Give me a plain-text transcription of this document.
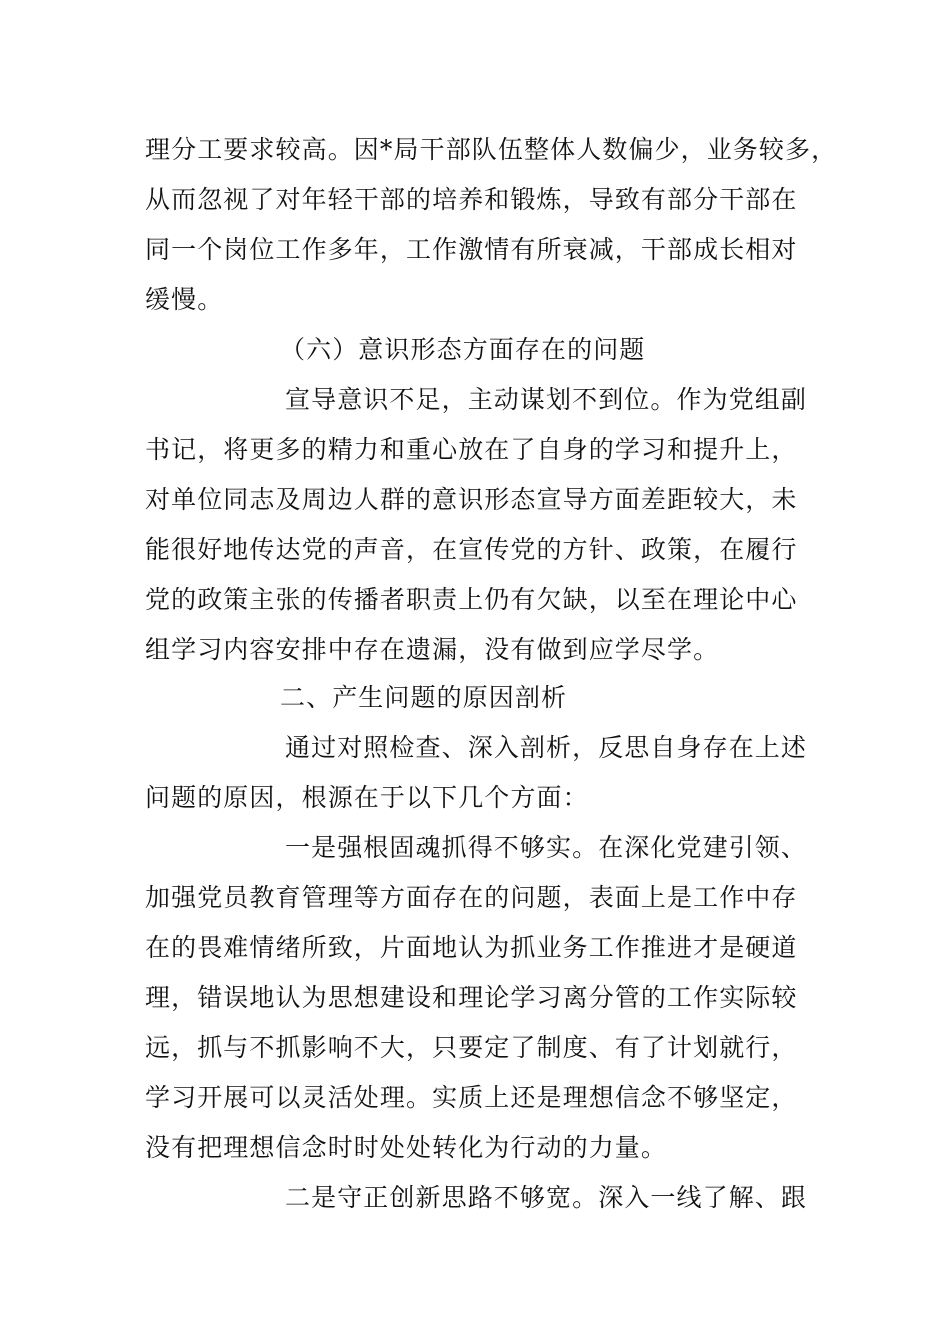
理分工要求较高。因*局干部队伍整体人数偏少，业务较多，
从而忽视了对年轻干部的培养和锻炼，导致有部分干部在
同一个岗位工作多年，工作激情有所衰减，干部成长相对
缓慢。
（六）意识形态方面存在的问题
宣导意识不足，主动谋划不到位。作为党组副
书记，将更多的精力和重心放在了自身的学习和提升上，
对单位同志及周边人群的意识形态宣导方面差距较大，未
能很好地传达党的声音，在宣传党的方针、政策，在履行
党的政策主张的传播者职责上仍有欠缺，以至在理论中心
组学习内容安排中存在遗漏，没有做到应学尽学。
二、产生问题的原因剖析
通过对照检查、深入剖析，反思自身存在上述
问题的原因，根源在于以下几个方面：
一是强根固魂抓得不够实。在深化党建引领、
加强党员教育管理等方面存在的问题，表面上是工作中存
在的畏难情绪所致，片面地认为抓业务工作推进才是硬道
理，错误地认为思想建设和理论学习离分管的工作实际较
远，抓与不抓影响不大，只要定了制度、有了计划就行，
学习开展可以灵活处理。实质上还是理想信念不够坚定，
没有把理想信念时时处处转化为行动的力量。
二是守正创新思路不够宽。深入一线了解、跟
